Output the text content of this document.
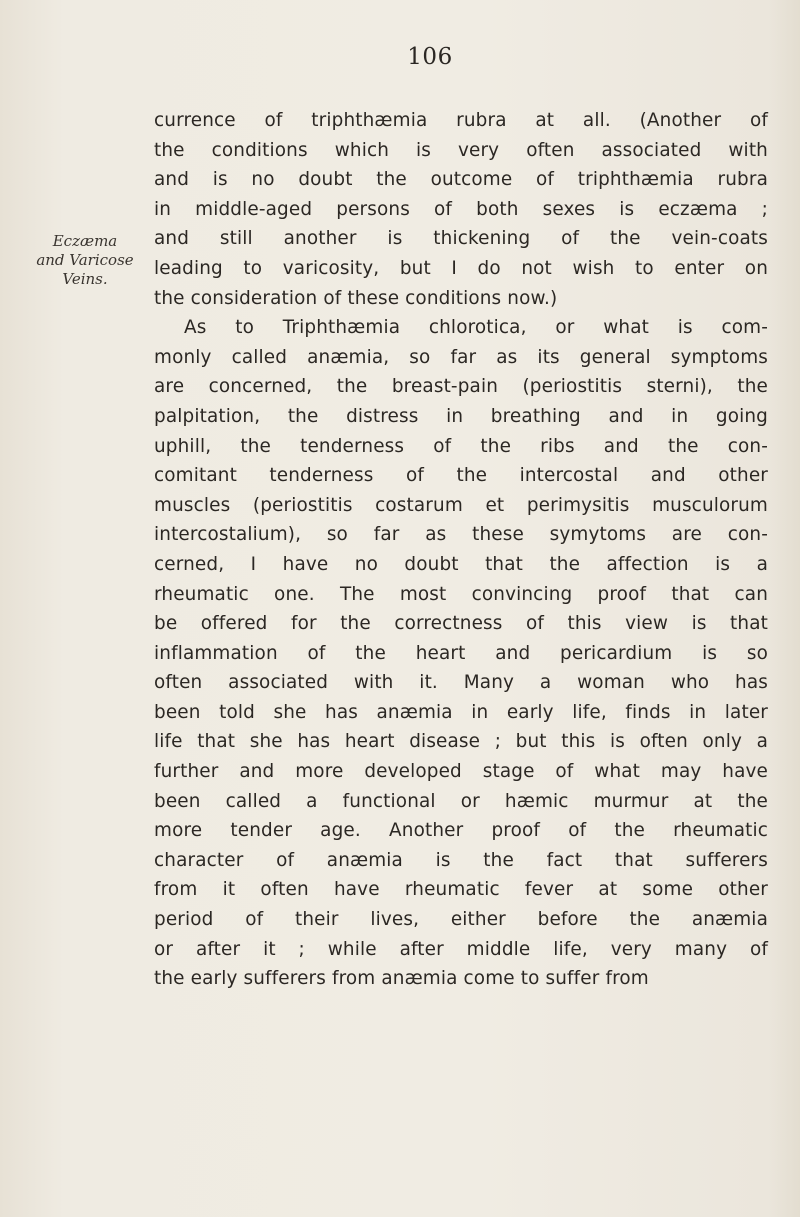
106
Eczæma
and Varicose
Veins.
currence of triphthæmia rubra at all. (Another of
the conditions which is very often associated with
and is no doubt the outcome of triphthæmia rubra
in middle-aged persons of both sexes is eczæma ;
and still another is thickening of the vein-coats
leading to varicosity, but I do not wish to enter on
the consideration of these conditions now.)
As to Triphthæmia chlorotica, or what is com-
monly called anæmia, so far as its general symptoms
are concerned, the breast-pain (periostitis sterni), the
palpitation, the distress in breathing and in going
uphill, the tenderness of the ribs and the con-
comitant tenderness of the intercostal and other
muscles (periostitis costarum et perimysitis musculorum
intercostalium), so far as these symytoms are con-
cerned, I have no doubt that the affection is a
rheumatic one. The most convincing proof that can
be offered for the correctness of this view is that
inflammation of the heart and pericardium is so
often associated with it. Many a woman who has
been told she has anæmia in early life, finds in later
life that she has heart disease ; but this is often only a
further and more developed stage of what may have
been called a functional or hæmic murmur at the
more tender age. Another proof of the rheumatic
character of anæmia is the fact that sufferers
from it often have rheumatic fever at some other
period of their lives, either before the anæmia
or after it ; while after middle life, very many of
the early sufferers from anæmia come to suffer from
